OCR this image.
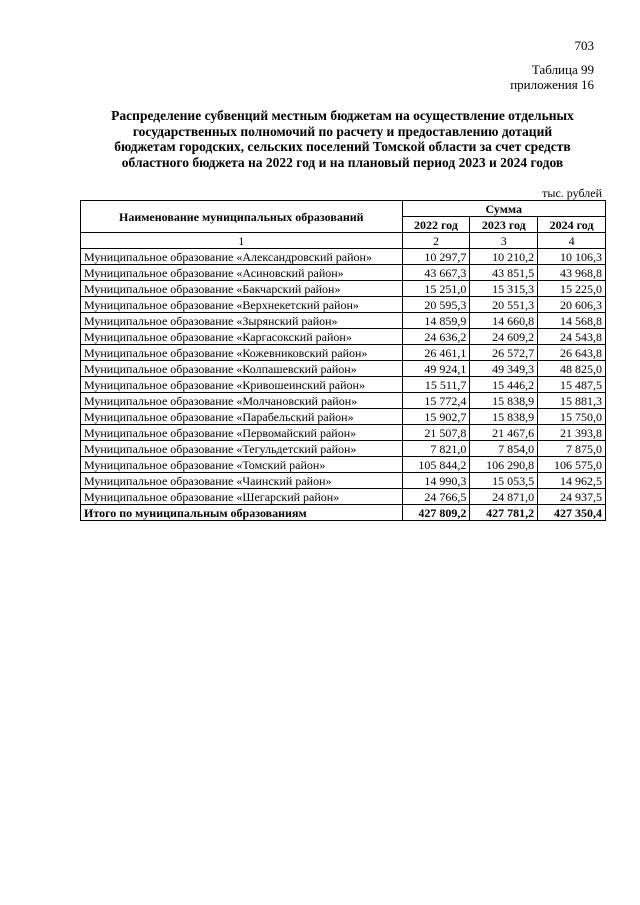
703
Таблица 99
приложения 16
Распределение субвенций местным бюджетам на осуществление отдельных
государственных полномочий по расчету и предоставлению дотаций
бюджетам городских, сельских поселений Томской области за счет средств
областного бюджета на 2022 год и на плановый период 2023 и 2024 годов
тыс. рублей
Наименование муниципальных образований	Сумма		
	2022 год	2023 год	2024 год
1	2	3	4
Муниципальное образование «Александровский район»	10 297,7	10 210,2	10 106,3
Муниципальное образование «Асиновский район»	43 667,3	43 851,5	43 968,8
Муниципальное образование «Бакчарский район»	15 251,0	15 315,3	15 225,0
Муниципальное образование «Верхнекетский район»	20 595,3	20 551,3	20 606,3
Муниципальное образование «Зырянский район»	14 859,9	14 660,8	14 568,8
Муниципальное образование «Каргасокский район»	24 636,2	24 609,2	24 543,8
Муниципальное образование «Кожевниковский район»	26 461,1	26 572,7	26 643,8
Муниципальное образование «Колпашевский район»	49 924,1	49 349,3	48 825,0
Муниципальное образование «Кривошеинский район»	15 511,7	15 446,2	15 487,5
Муниципальное образование «Молчановский район»	15 772,4	15 838,9	15 881,3
Муниципальное образование «Парабельский район»	15 902,7	15 838,9	15 750,0
Муниципальное образование «Первомайский район»	21 507,8	21 467,6	21 393,8
Муниципальное образование «Тегульдетский район»	7 821,0	7 854,0	7 875,0
Муниципальное образование «Томский район»	105 844,2	106 290,8	106 575,0
Муниципальное образование «Чаинский район»	14 990,3	15 053,5	14 962,5
Муниципальное образование «Шегарский район»	24 766,5	24 871,0	24 937,5
Итого по муниципальным образованиям	427 809,2	427 781,2	427 350,4
